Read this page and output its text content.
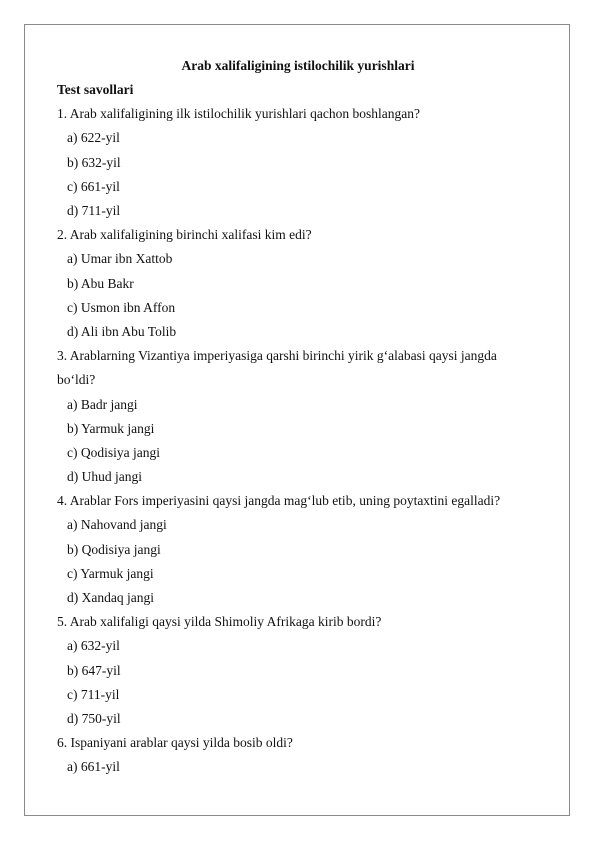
Arab xalifaligining istilochilik yurishlari
Test savollari
1. Arab xalifaligining ilk istilochilik yurishlari qachon boshlangan?
a) 622-yil
b) 632-yil
c) 661-yil
d) 711-yil
2. Arab xalifaligining birinchi xalifasi kim edi?
a) Umar ibn Xattob
b) Abu Bakr
c) Usmon ibn Affon
d) Ali ibn Abu Tolib
3. Arablarning Vizantiya imperiyasiga qarshi birinchi yirik g‘alabasi qaysi jangda bo‘ldi?
a) Badr jangi
b) Yarmuk jangi
c) Qodisiya jangi
d) Uhud jangi
4. Arablar Fors imperiyasini qaysi jangda mag‘lub etib, uning poytaxtini egalladi?
a) Nahovand jangi
b) Qodisiya jangi
c) Yarmuk jangi
d) Xandaq jangi
5. Arab xalifaligi qaysi yilda Shimoliy Afrikaga kirib bordi?
a) 632-yil
b) 647-yil
c) 711-yil
d) 750-yil
6. Ispaniyani arablar qaysi yilda bosib oldi?
a) 661-yil
